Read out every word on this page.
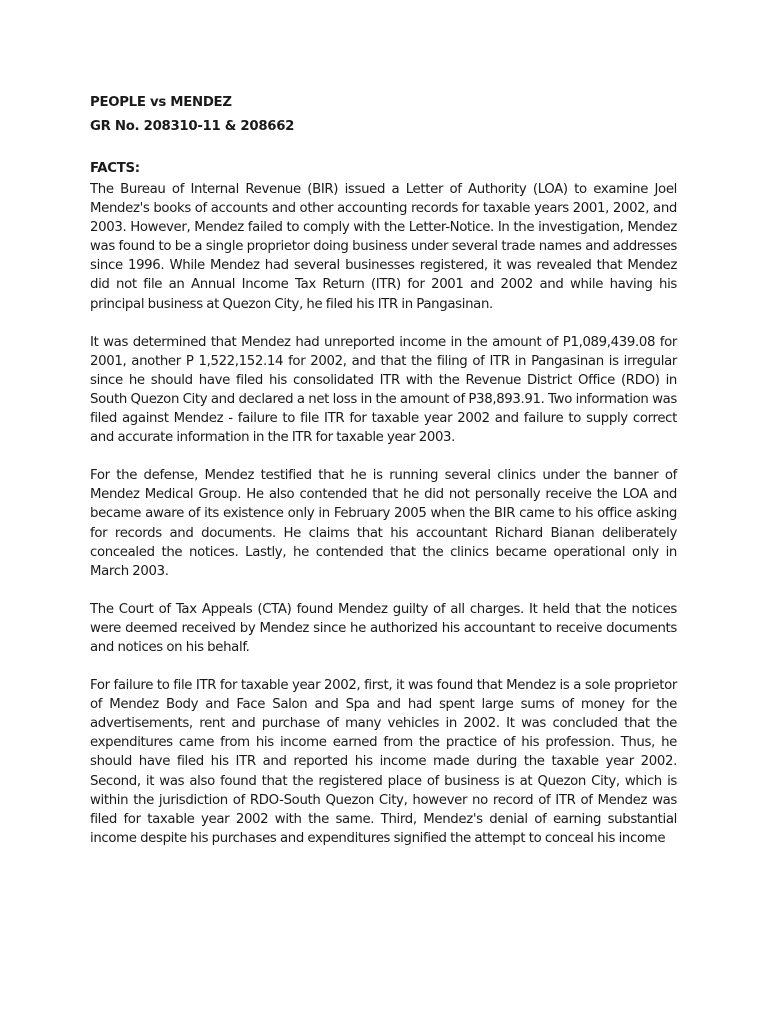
PEOPLE vs MENDEZ
GR No. 208310-11 & 208662
FACTS:

The Bureau of Internal Revenue (BIR) issued a Letter of Authority (LOA) to examine Joel Mendez's books of accounts and other accounting records for taxable years 2001, 2002, and 2003. However, Mendez failed to comply with the Letter-Notice. In the investigation, Mendez was found to be a single proprietor doing business under several trade names and addresses since 1996. While Mendez had several businesses registered, it was revealed that Mendez did not file an Annual Income Tax Return (ITR) for 2001 and 2002 and while having his principal business at Quezon City, he filed his ITR in Pangasinan.

It was determined that Mendez had unreported income in the amount of P1,089,439.08 for 2001, another P 1,522,152.14 for 2002, and that the filing of ITR in Pangasinan is irregular since he should have filed his consolidated ITR with the Revenue District Office (RDO) in South Quezon City and declared a net loss in the amount of P38,893.91. Two information was filed against Mendez - failure to file ITR for taxable year 2002 and failure to supply correct and accurate information in the ITR for taxable year 2003.

For the defense, Mendez testified that he is running several clinics under the banner of Mendez Medical Group. He also contended that he did not personally receive the LOA and became aware of its existence only in February 2005 when the BIR came to his office asking for records and documents. He claims that his accountant Richard Bianan deliberately concealed the notices. Lastly, he contended that the clinics became operational only in March 2003.

The Court of Tax Appeals (CTA) found Mendez guilty of all charges. It held that the notices were deemed received by Mendez since he authorized his accountant to receive documents and notices on his behalf.

For failure to file ITR for taxable year 2002, first, it was found that Mendez is a sole proprietor of Mendez Body and Face Salon and Spa and had spent large sums of money for the advertisements, rent and purchase of many vehicles in 2002. It was concluded that the expenditures came from his income earned from the practice of his profession. Thus, he should have filed his ITR and reported his income made during the taxable year 2002. Second, it was also found that the registered place of business is at Quezon City, which is within the jurisdiction of RDO-South Quezon City, however no record of ITR of Mendez was filed for taxable year 2002 with the same. Third, Mendez's denial of earning substantial income despite his purchases and expenditures signified the attempt to conceal his income
